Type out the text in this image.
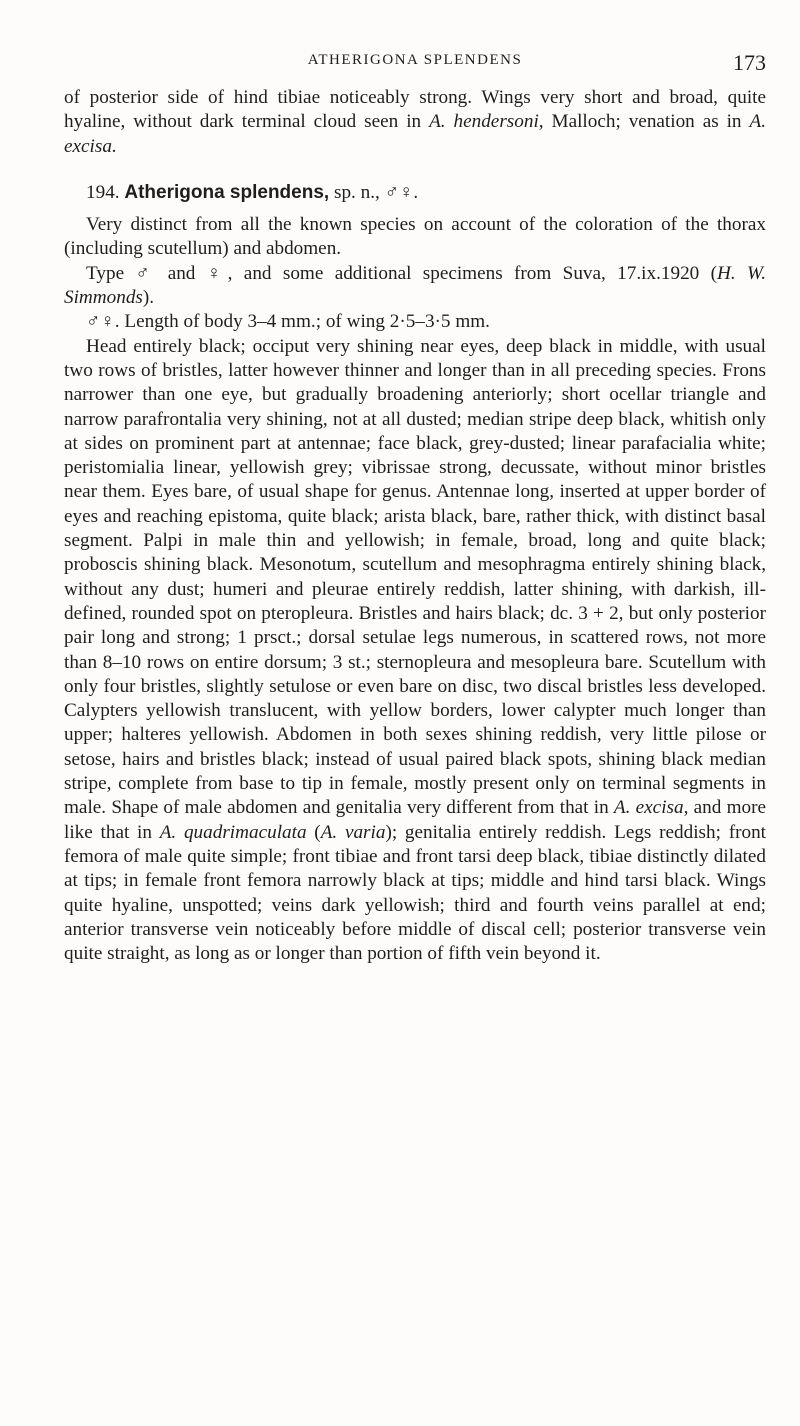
ATHERIGONA SPLENDENS	173

of posterior side of hind tibiae noticeably strong. Wings very short and broad, quite hyaline, without dark terminal cloud seen in A. hendersoni, Malloch; venation as in A. excisa.

194. Atherigona splendens, sp. n., ♂♀.

Very distinct from all the known species on account of the coloration of the thorax (including scutellum) and abdomen.

Type ♂ and ♀, and some additional specimens from Suva, 17.ix.1920 (H. W. Simmonds).

♂♀. Length of body 3–4 mm.; of wing 2·5–3·5 mm.

Head entirely black; occiput very shining near eyes, deep black in middle, with usual two rows of bristles, latter however thinner and longer than in all preceding species. Frons narrower than one eye, but gradually broadening anteriorly; short ocellar triangle and narrow parafrontalia very shining, not at all dusted; median stripe deep black, whitish only at sides on prominent part at antennae; face black, grey-dusted; linear parafacialia white; peristomialia linear, yellowish grey; vibrissae strong, decussate, without minor bristles near them. Eyes bare, of usual shape for genus. Antennae long, inserted at upper border of eyes and reaching epistoma, quite black; arista black, bare, rather thick, with distinct basal segment. Palpi in male thin and yellowish; in female, broad, long and quite black; proboscis shining black. Mesonotum, scutellum and mesophragma entirely shining black, without any dust; humeri and pleurae entirely reddish, latter shining, with darkish, ill-defined, rounded spot on pteropleura. Bristles and hairs black; dc. 3 + 2, but only posterior pair long and strong; 1 prsct.; dorsal setulae legs numerous, in scattered rows, not more than 8–10 rows on entire dorsum; 3 st.; sternopleura and mesopleura bare. Scutellum with only four bristles, slightly setulose or even bare on disc, two discal bristles less developed. Calypters yellowish translucent, with yellow borders, lower calypter much longer than upper; halteres yellowish. Abdomen in both sexes shining reddish, very little pilose or setose, hairs and bristles black; instead of usual paired black spots, shining black median stripe, complete from base to tip in female, mostly present only on terminal segments in male. Shape of male abdomen and genitalia very different from that in A. excisa, and more like that in A. quadrimaculata (A. varia); genitalia entirely reddish. Legs reddish; front femora of male quite simple; front tibiae and front tarsi deep black, tibiae distinctly dilated at tips; in female front femora narrowly black at tips; middle and hind tarsi black. Wings quite hyaline, unspotted; veins dark yellowish; third and fourth veins parallel at end; anterior transverse vein noticeably before middle of discal cell; posterior transverse vein quite straight, as long as or longer than portion of fifth vein beyond it.
